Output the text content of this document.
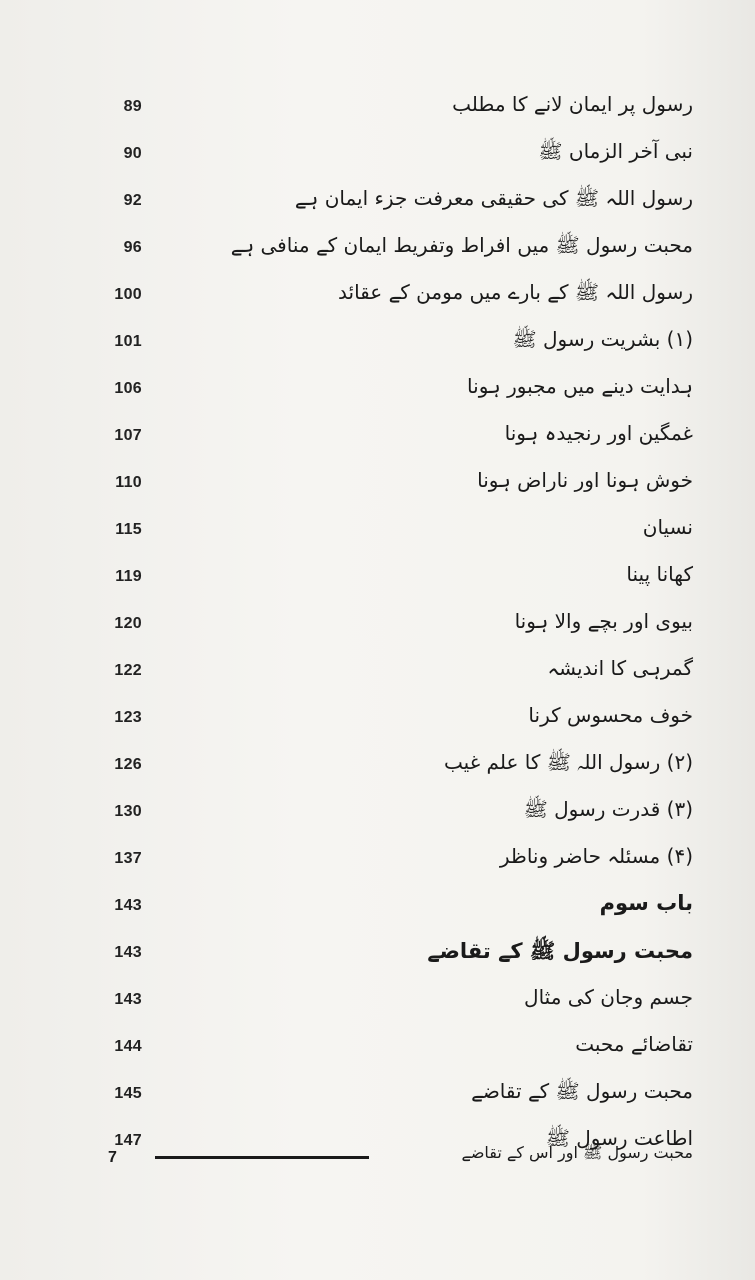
89	رسول پر ایمان لانے کا مطلب
90	نبی آخر الزماں ﷺ
92	رسول اللہ ﷺ کی حقیقی معرفت جزء ایمان ہے
96	محبت رسول ﷺ میں افراط وتفریط ایمان کے منافی ہے
100	رسول اللہ ﷺ کے بارے میں مومن کے عقائد
101	(۱) بشریت رسول ﷺ
106	ہدایت دینے میں مجبور ہونا
107	غمگین اور رنجیدہ ہونا
110	خوش ہونا اور ناراض ہونا
115	نسیان
119	کھانا پینا
120	بیوی اور بچے والا ہونا
122	گمرہی کا اندیشہ
123	خوف محسوس کرنا
126	(۲) رسول اللہ ﷺ کا علم غیب
130	(۳) قدرت رسول ﷺ
137	(۴) مسئلہ حاضر وناظر
143	باب سوم
143	محبت رسول ﷺ کے تقاضے
143	جسم وجان کی مثال
144	تقاضائے محبت
145	محبت رسول ﷺ کے تقاضے
147	اطاعت رسول ﷺ
7	محبت رسول ﷺ اور اس کے تقاضے
